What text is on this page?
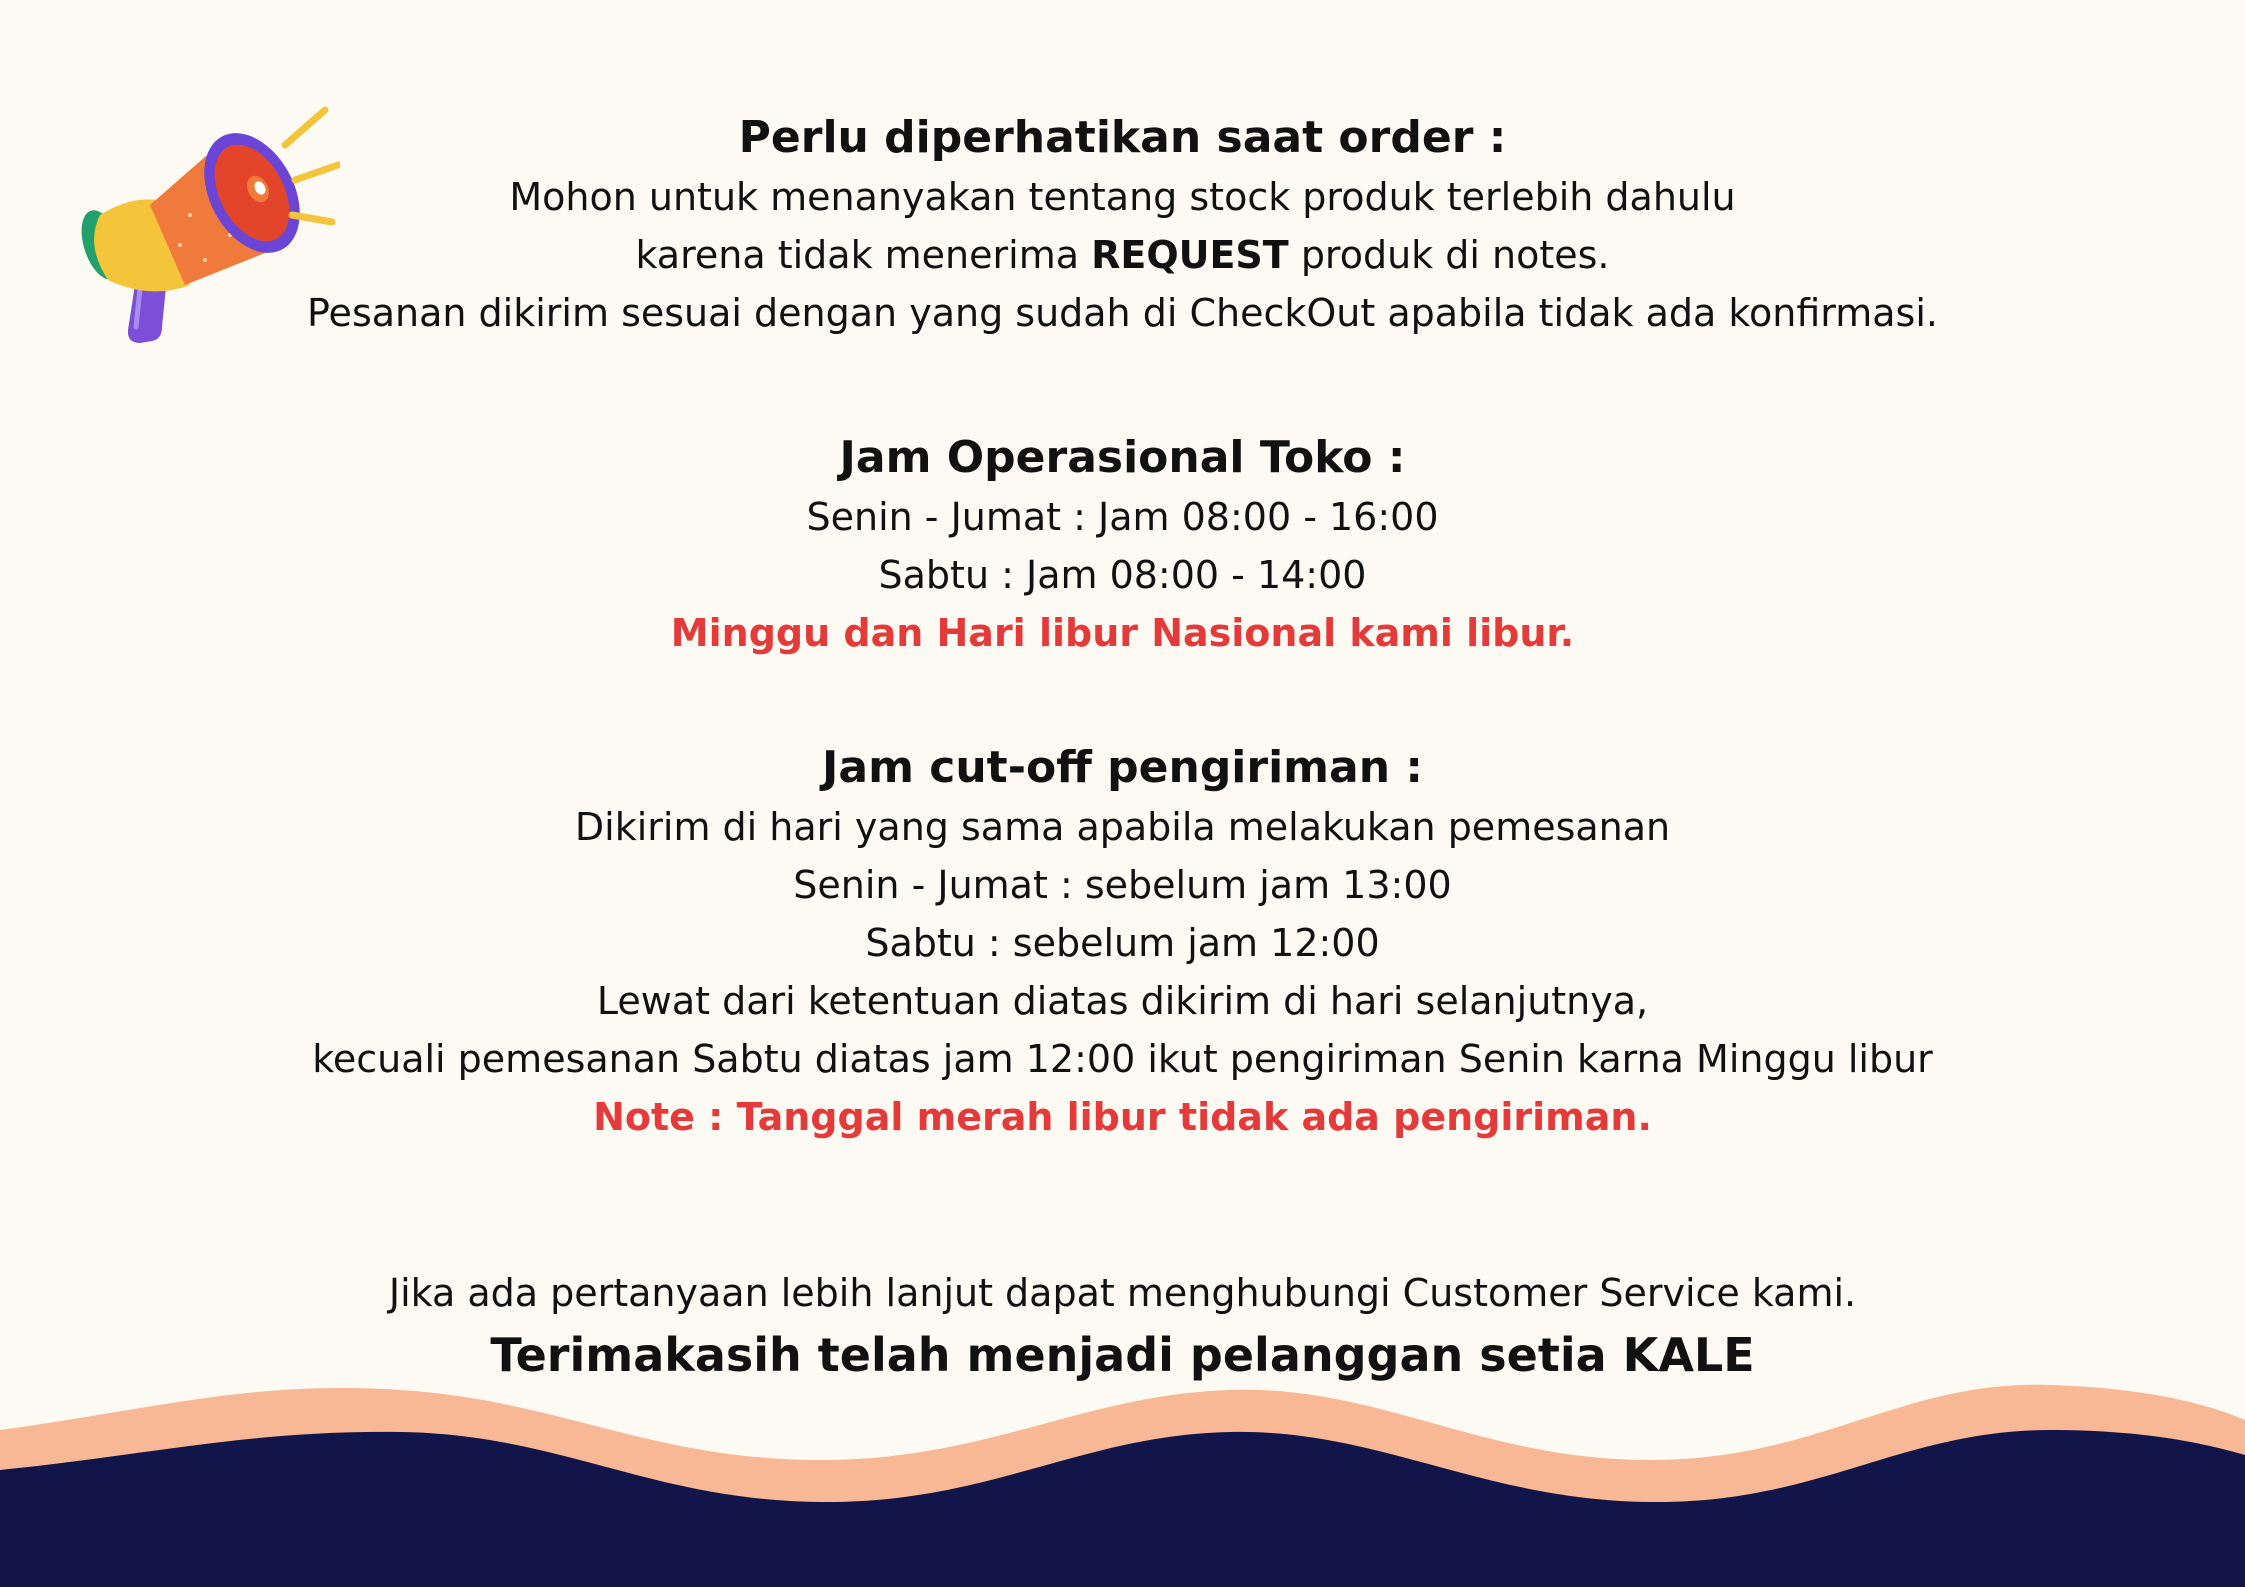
Perlu diperhatikan saat order :

Mohon untuk menanyakan tentang stock produk terlebih dahulu

karena tidak menerima REQUEST produk di notes.

Pesanan dikirim sesuai dengan yang sudah di CheckOut apabila tidak ada konfirmasi.

Jam Operasional Toko :

Senin - Jumat : Jam 08:00 - 16:00

Sabtu : Jam 08:00 - 14:00

Minggu dan Hari libur Nasional kami libur.

Jam cut-off pengiriman :

Dikirim di hari yang sama apabila melakukan pemesanan

Senin - Jumat : sebelum jam 13:00

Sabtu : sebelum jam 12:00

Lewat dari ketentuan diatas dikirim di hari selanjutnya,

kecuali pemesanan Sabtu diatas jam 12:00 ikut pengiriman Senin karna Minggu libur

Note : Tanggal merah libur tidak ada pengiriman.

Jika ada pertanyaan lebih lanjut dapat menghubungi Customer Service kami.

Terimakasih telah menjadi pelanggan setia KALE
